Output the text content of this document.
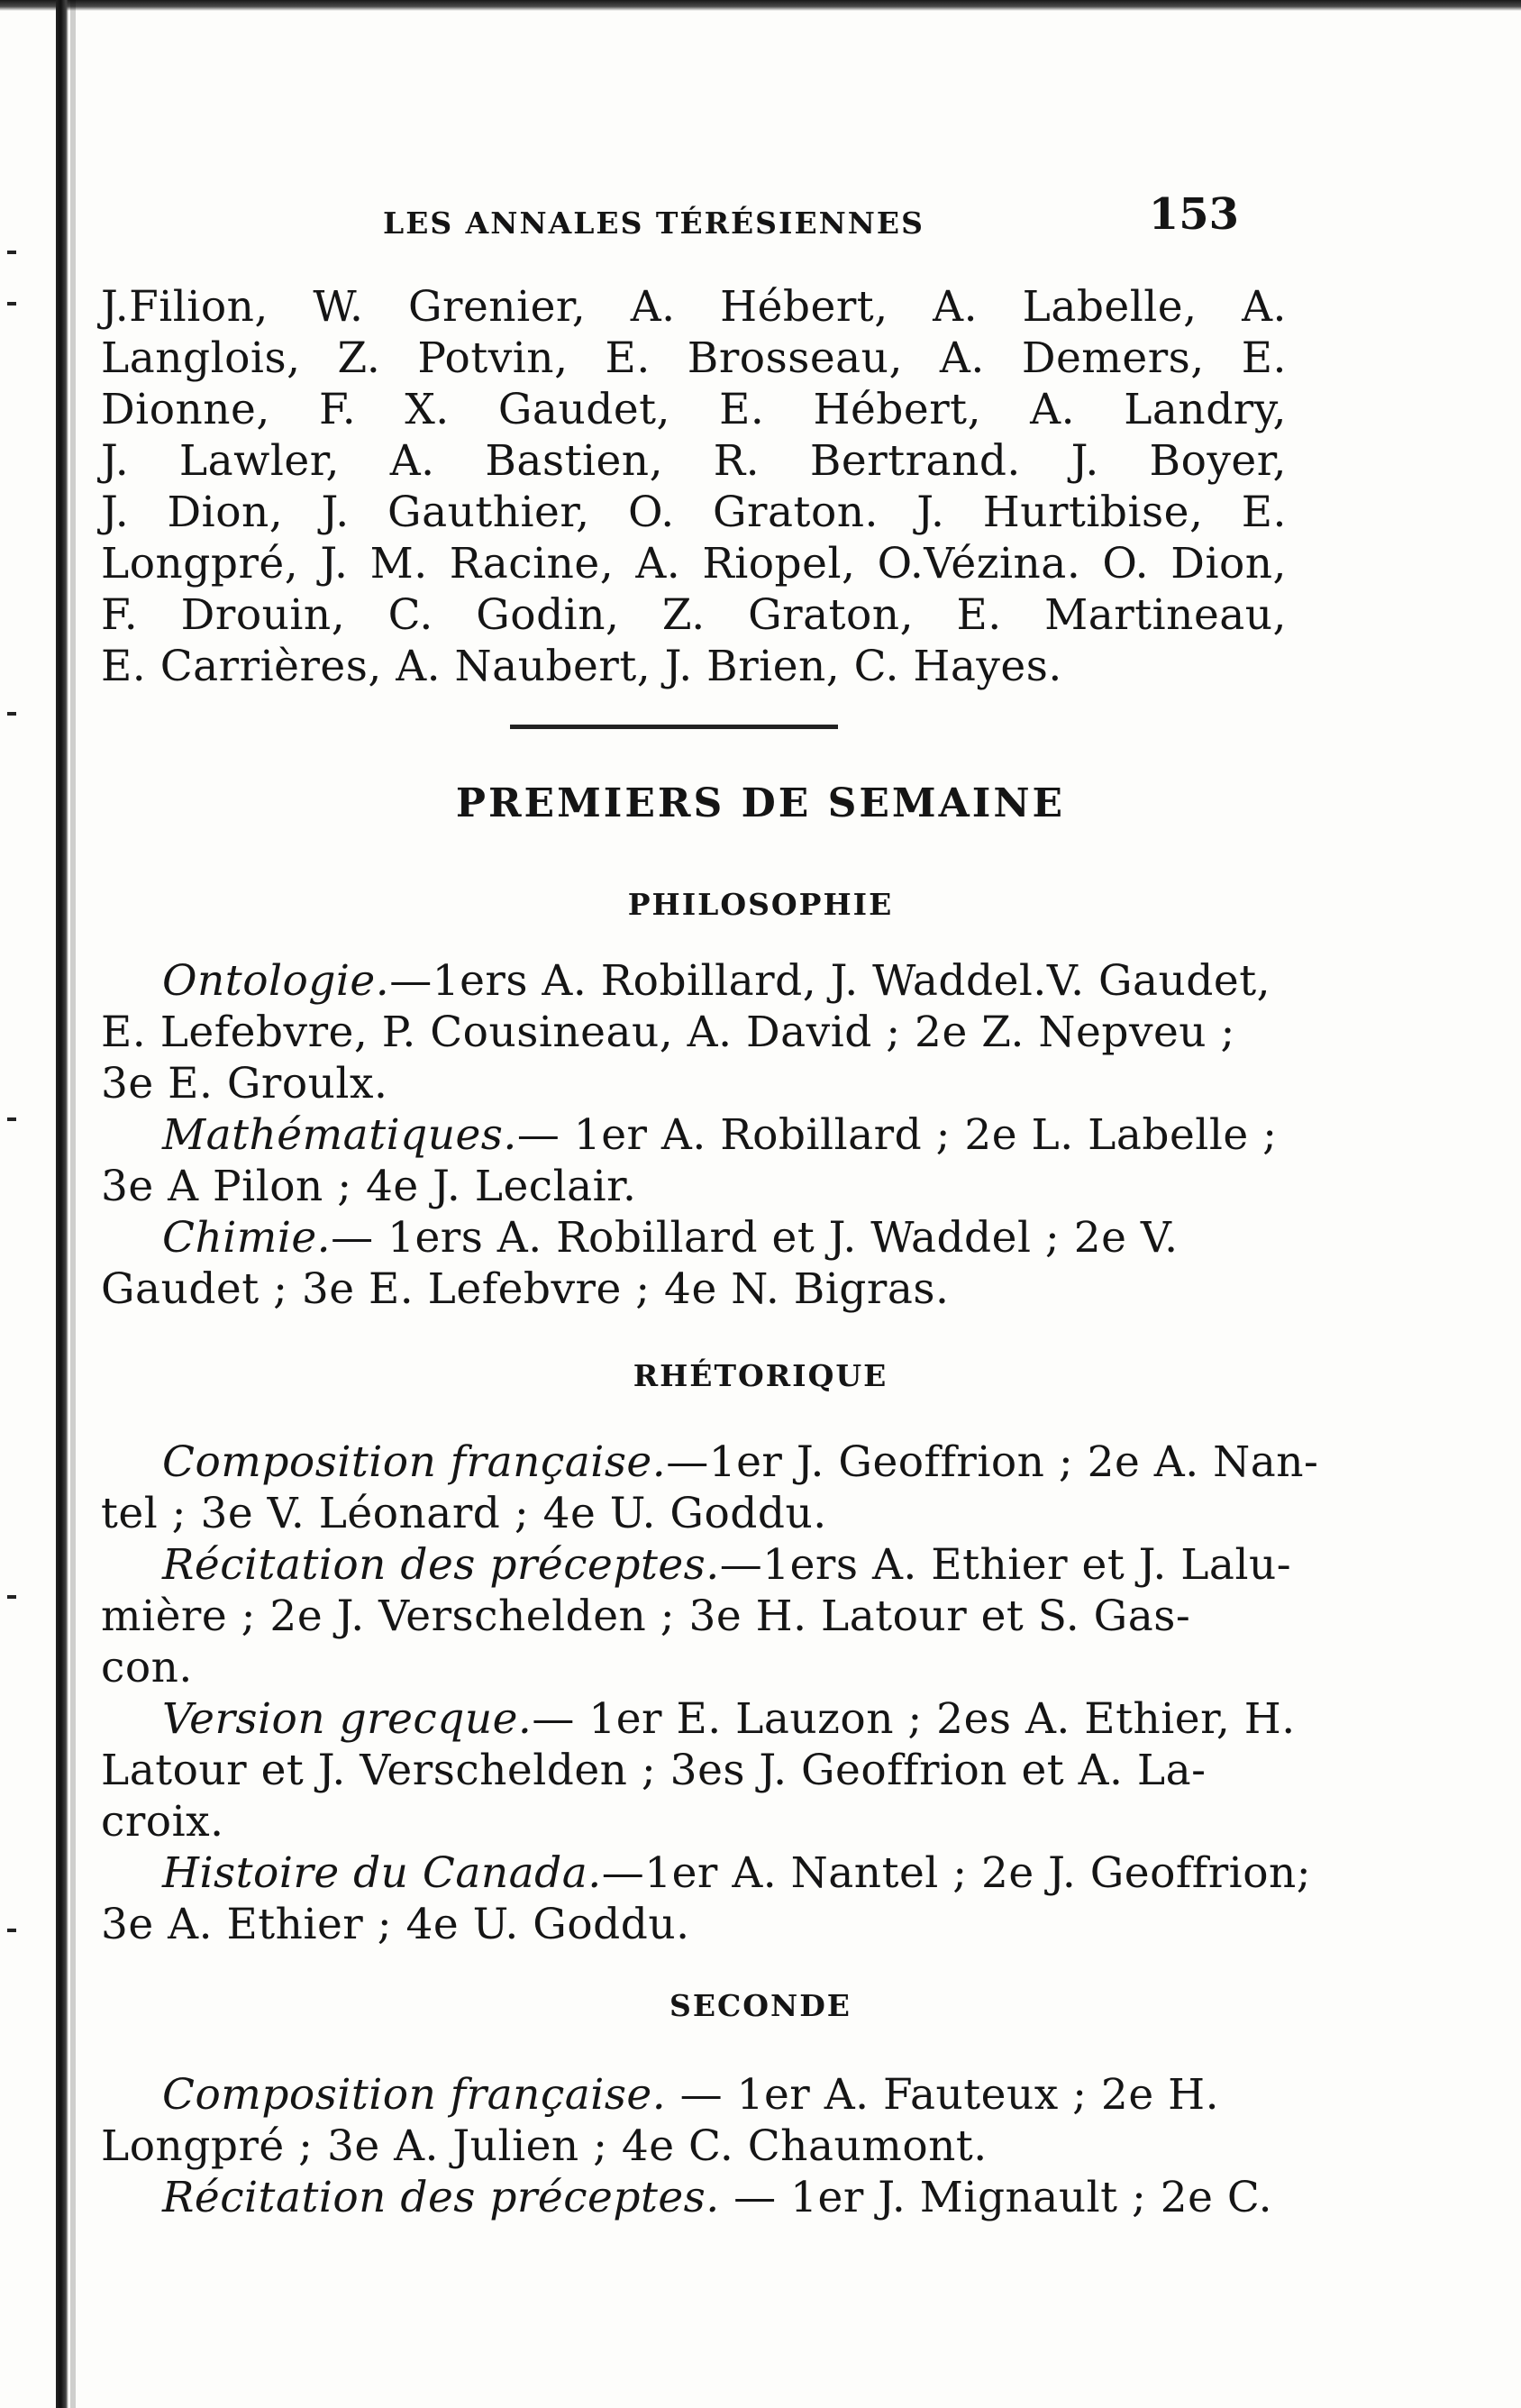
LES ANNALES TÉRÉSIENNES	153
J.Filion, W. Grenier, A. Hébert, A. Labelle, A.
Langlois, Z. Potvin, E. Brosseau, A. Demers, E.
Dionne, F. X. Gaudet, E. Hébert, A. Landry,
J. Lawler, A. Bastien, R. Bertrand. J. Boyer,
J. Dion, J. Gauthier, O. Graton. J. Hurtibise, E.
Longpré, J. M. Racine, A. Riopel, O.Vézina. O. Dion,
F. Drouin, C. Godin, Z. Graton, E. Martineau,
E. Carrières, A. Naubert, J. Brien, C. Hayes.
PREMIERS DE SEMAINE
PHILOSOPHIE
Ontologie.—1ers A. Robillard, J. Waddel.V. Gaudet,
E. Lefebvre, P. Cousineau, A. David ; 2e Z. Nepveu ;
3e E. Groulx.
Mathématiques.— 1er A. Robillard ; 2e L. Labelle ;
3e A Pilon ; 4e J. Leclair.
Chimie.— 1ers A. Robillard et J. Waddel ; 2e V.
Gaudet ; 3e E. Lefebvre ; 4e N. Bigras.
RHÉTORIQUE
Composition française.—1er J. Geoffrion ; 2e A. Nan-
tel ; 3e V. Léonard ; 4e U. Goddu.
Récitation des préceptes.—1ers A. Ethier et J. Lalu-
mière ; 2e J. Verschelden ; 3e H. Latour et S. Gas-
con.
Version grecque.— 1er E. Lauzon ; 2es A. Ethier, H.
Latour et J. Verschelden ; 3es J. Geoffrion et A. La-
croix.
Histoire du Canada.—1er A. Nantel ; 2e J. Geoffrion;
3e A. Ethier ; 4e U. Goddu.
SECONDE
Composition française. — 1er A. Fauteux ; 2e H.
Longpré ; 3e A. Julien ; 4e C. Chaumont.
Récitation des préceptes. — 1er J. Mignault ; 2e C.
